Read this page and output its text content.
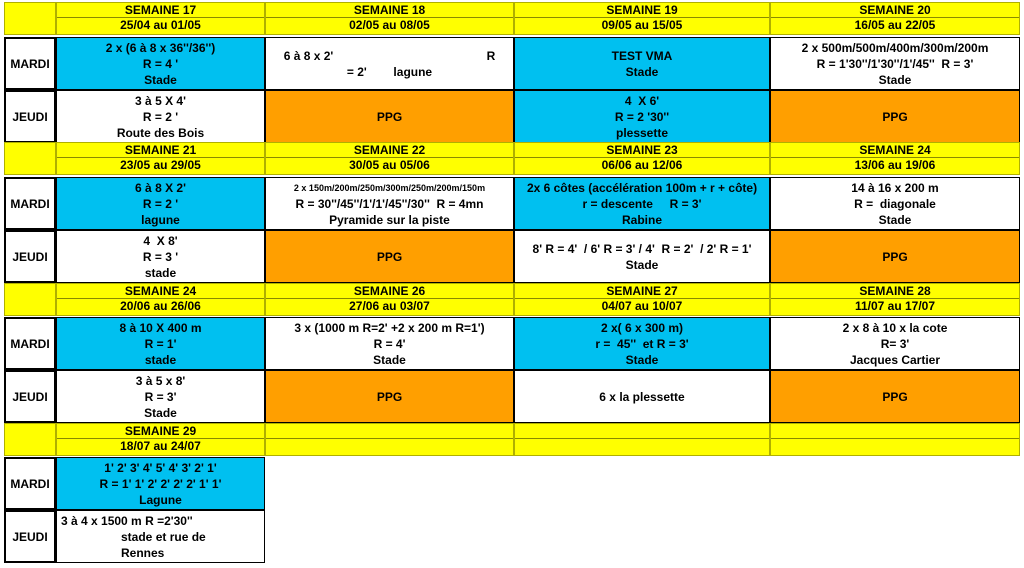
MARDI
JEUDI
SEMAINE 17
25/04 au 01/05
2 x (6 à 8 x 36''/36'')
R = 4 '
Stade
3 à 5 X 4'
R = 2 '
Route des Bois
SEMAINE 18
02/05 au 08/05
6 à 8 x 2'                                              R
= 2'        lagune
PPG
SEMAINE 19
09/05 au 15/05
TEST VMA
Stade
4  X 6'
R = 2 '30''
plessette
SEMAINE 20
16/05 au 22/05
2 x 500m/500m/400m/300m/200m
R = 1'30''/1'30''/1'/45''  R = 3'
Stade
PPG
MARDI
JEUDI
SEMAINE 21
23/05 au 29/05
6 à 8 X 2'
R = 2 '
lagune
4  X 8'
R = 3 '
stade
SEMAINE 22
30/05 au 05/06
2 x 150m/200m/250m/300m/250m/200m/150m
R = 30''/45''/1'/1'/45''/30''  R = 4mn
Pyramide sur la piste
PPG
SEMAINE 23
06/06 au 12/06
2x 6 côtes (accélération 100m + r + côte)
r = descente     R = 3'
Rabine
8' R = 4'  / 6' R = 3' / 4'  R = 2'  / 2' R = 1'
Stade
SEMAINE 24
13/06 au 19/06
14 à 16 x 200 m
R =  diagonale
Stade
PPG
MARDI
JEUDI
SEMAINE 24
20/06 au 26/06
8 à 10 X 400 m
R = 1'
stade
3 à 5 x 8'
R = 3'
Stade
SEMAINE 26
27/06 au 03/07
3 x (1000 m R=2' +2 x 200 m R=1')
R = 4'
Stade
PPG
SEMAINE 27
04/07 au 10/07
2 x( 6 x 300 m)
r =  45''  et R = 3'
Stade
6 x la plessette
SEMAINE 28
11/07 au 17/07
2 x 8 à 10 x la cote
R= 3'
Jacques Cartier
PPG
MARDI
JEUDI
SEMAINE 29
18/07 au 24/07
1' 2' 3' 4' 5' 4' 3' 2' 1'
R = 1' 1' 2' 2' 2' 2' 1' 1'
Lagune
3 à 4 x 1500 m R =2'30''
stade et rue de
Rennes
